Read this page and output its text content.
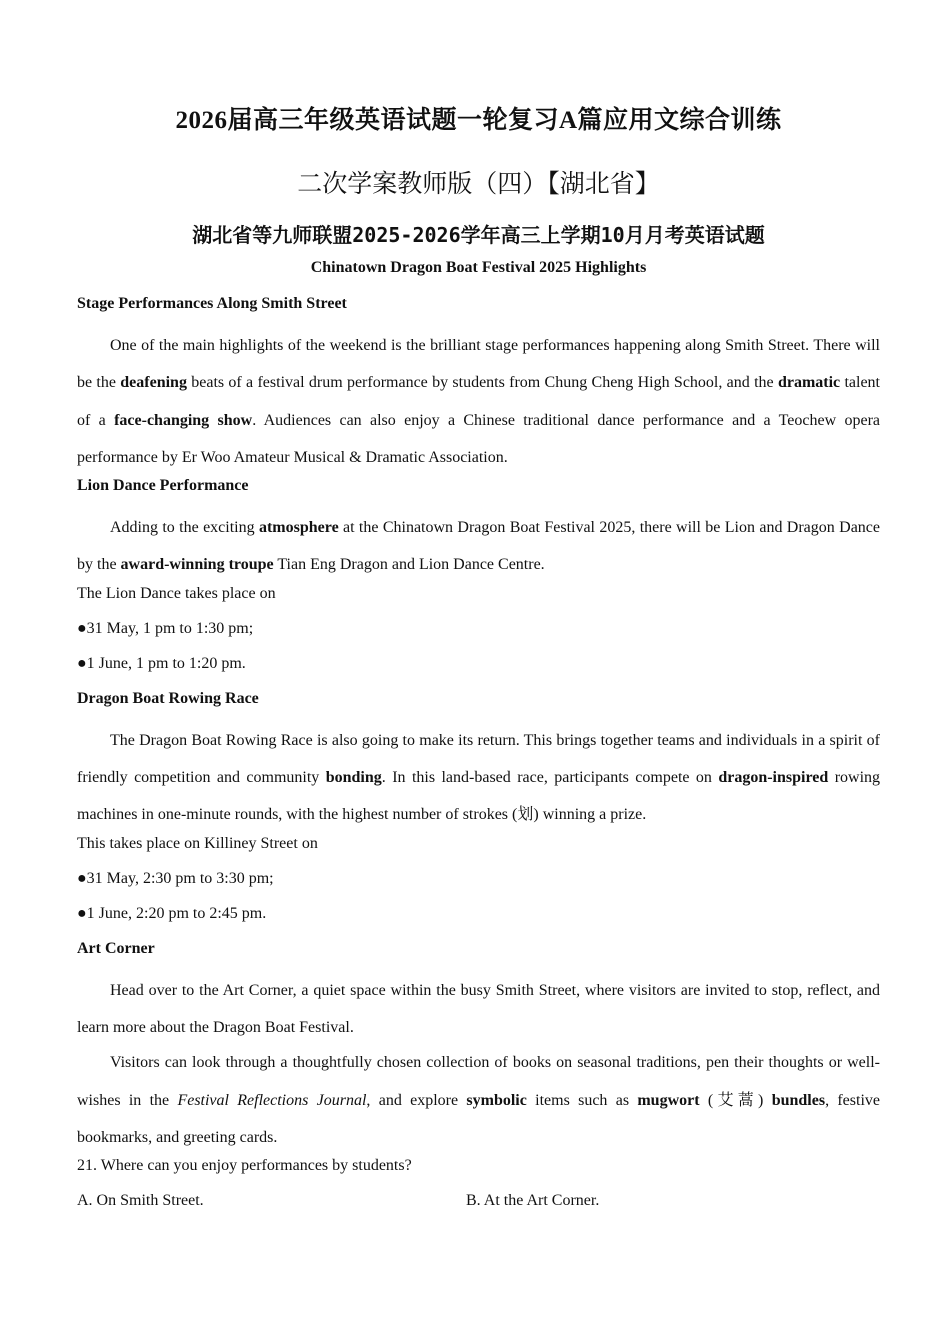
2026届高三年级英语试题一轮复习A篇应用文综合训练
二次学案教师版（四）【湖北省】
湖北省等九师联盟2025-2026学年高三上学期10月月考英语试题
Chinatown Dragon Boat Festival 2025 Highlights
Stage Performances Along Smith Street
One of the main highlights of the weekend is the brilliant stage performances happening along Smith Street. There will be the deafening beats of a festival drum performance by students from Chung Cheng High School, and the dramatic talent of a face-changing show. Audiences can also enjoy a Chinese traditional dance performance and a Teochew opera performance by Er Woo Amateur Musical & Dramatic Association.
Lion Dance Performance
Adding to the exciting atmosphere at the Chinatown Dragon Boat Festival 2025, there will be Lion and Dragon Dance by the award-winning troupe Tian Eng Dragon and Lion Dance Centre.
The Lion Dance takes place on
●31 May, 1 pm to 1:30 pm;
●1 June, 1 pm to 1:20 pm.
Dragon Boat Rowing Race
The Dragon Boat Rowing Race is also going to make its return. This brings together teams and individuals in a spirit of friendly competition and community bonding. In this land-based race, participants compete on dragon-inspired rowing machines in one-minute rounds, with the highest number of strokes (划) winning a prize.
This takes place on Killiney Street on
●31 May, 2:30 pm to 3:30 pm;
●1 June, 2:20 pm to 2:45 pm.
Art Corner
Head over to the Art Corner, a quiet space within the busy Smith Street, where visitors are invited to stop, reflect, and learn more about the Dragon Boat Festival.
Visitors can look through a thoughtfully chosen collection of books on seasonal traditions, pen their thoughts or well-wishes in the Festival Reflections Journal, and explore symbolic items such as mugwort (艾蒿) bundles, festive bookmarks, and greeting cards.
21. Where can you enjoy performances by students?
A. On Smith Street.	B. At the Art Corner.
